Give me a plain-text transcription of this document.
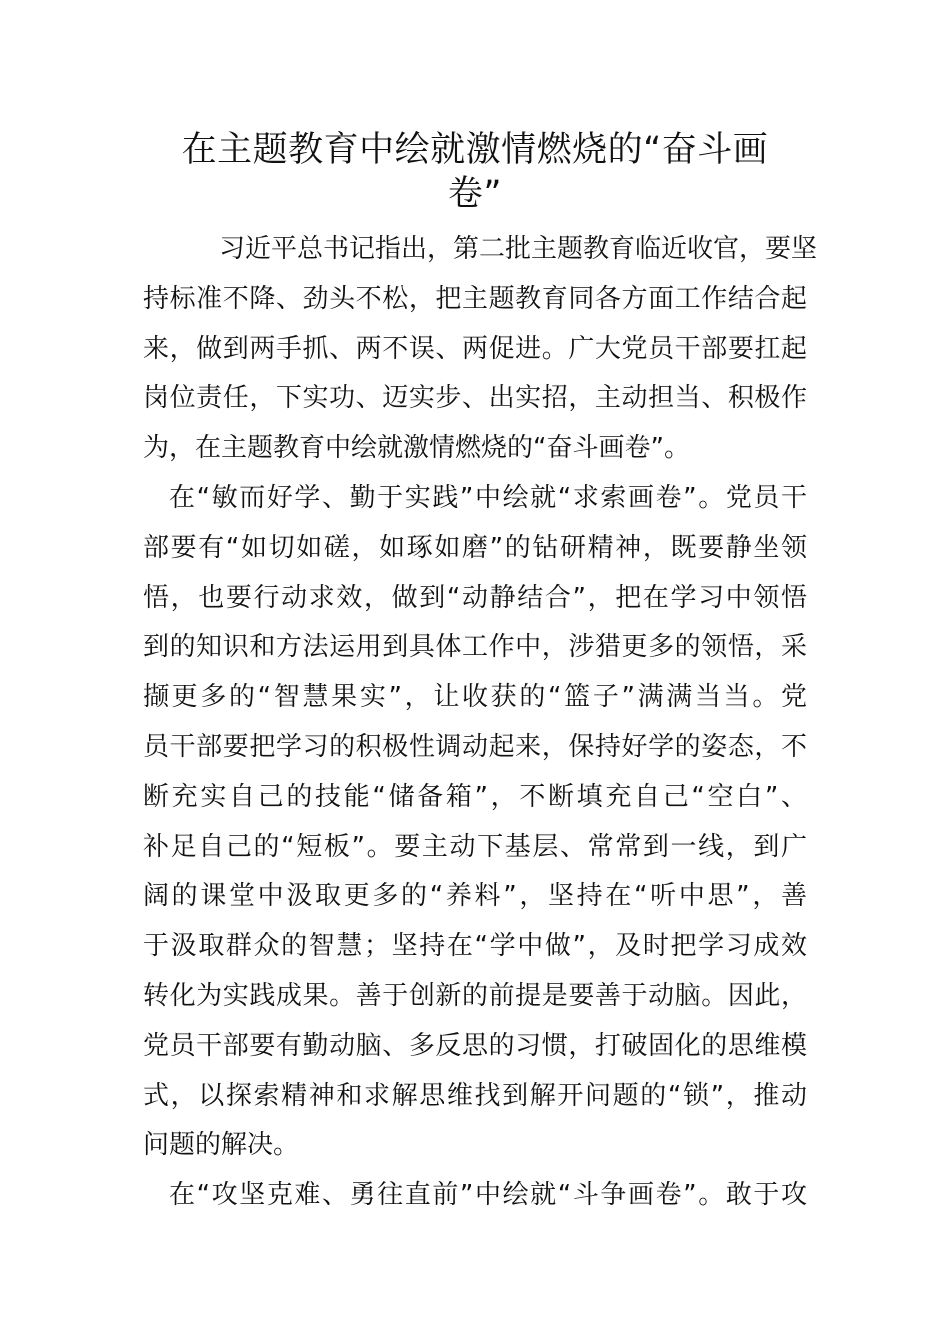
在主题教育中绘就激情燃烧的“奋斗画
卷”

习近平总书记指出，第二批主题教育临近收官，要坚

持标准不降、劲头不松，把主题教育同各方面工作结合起

来，做到两手抓、两不误、两促进。广大党员干部要扛起

岗位责任，下实功、迈实步、出实招，主动担当、积极作

为，在主题教育中绘就激情燃烧的“奋斗画卷”。

在“敏而好学、勤于实践”中绘就“求索画卷”。党员干

部要有“如切如磋，如琢如磨”的钻研精神，既要静坐领

悟，也要行动求效，做到“动静结合”，把在学习中领悟

到的知识和方法运用到具体工作中，涉猎更多的领悟，采

撷更多的“智慧果实”，让收获的“篮子”满满当当。党

员干部要把学习的积极性调动起来，保持好学的姿态，不

断充实自己的技能“储备箱”，不断填充自己“空白”、

补足自己的“短板”。要主动下基层、常常到一线，到广

阔的课堂中汲取更多的“养料”，坚持在“听中思”，善

于汲取群众的智慧；坚持在“学中做”，及时把学习成效

转化为实践成果。善于创新的前提是要善于动脑。因此，

党员干部要有勤动脑、多反思的习惯，打破固化的思维模

式，以探索精神和求解思维找到解开问题的“锁”，推动

问题的解决。

在“攻坚克难、勇往直前”中绘就“斗争画卷”。敢于攻
